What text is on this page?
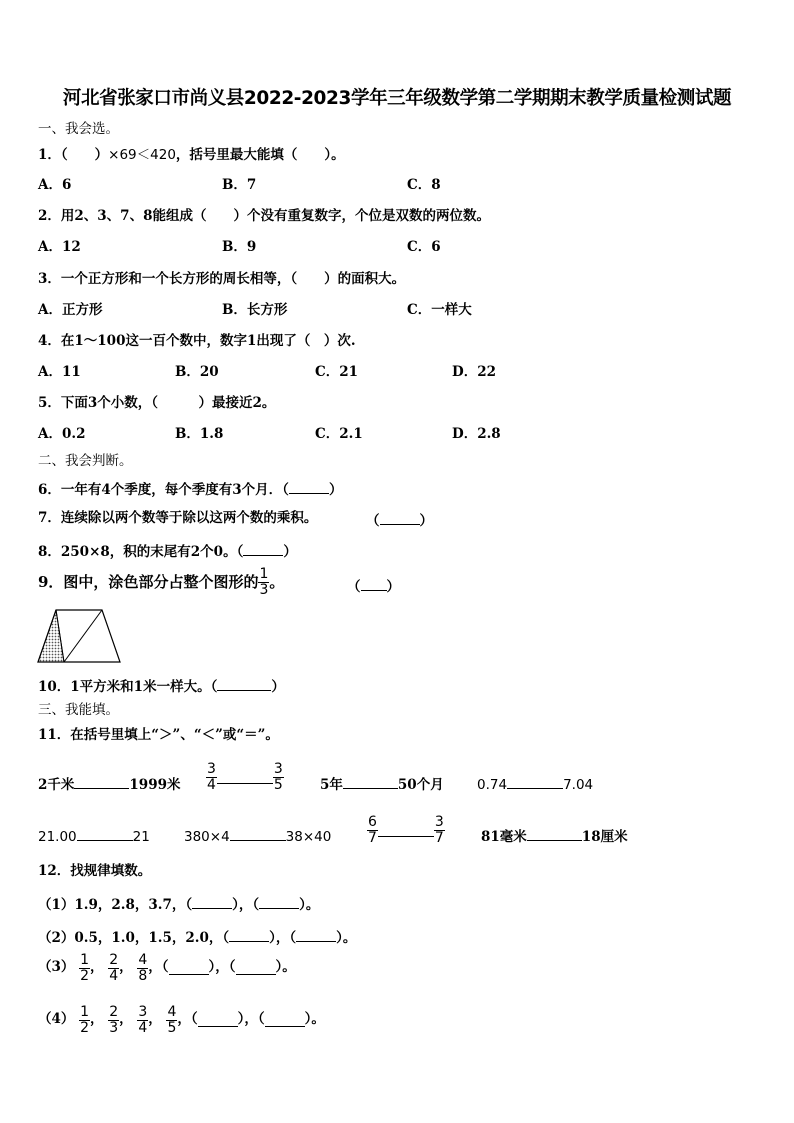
河北省张家口市尚义县2022-2023学年三年级数学第二学期期末教学质量检测试题
一、我会选。
1．（　　）×69＜420，括号里最大能填（　　）。
A．6	B．7	C．8
2．用2、3、7、8能组成（　　）个没有重复数字，个位是双数的两位数。
A．12	B．9	C．6
3．一个正方形和一个长方形的周长相等，（　　）的面积大。
A．正方形	B．长方形	C．一样大
4．在1～100这一百个数中，数字1出现了（　）次.
A．11	B．20	C．21	D．22
5．下面3个小数，（　　　）最接近2。
A．0.2	B．1.8	C．2.1	D．2.8
二、我会判断。
6．一年有4个季度，每个季度有3个月．（	）
7．连续除以两个数等于除以这两个数的乘积。	（	）
8．250×8，积的末尾有2个0。（	）
9．图中，涂色部分占整个图形的 $\frac{1}{3}$ 。	（ ）
10．1平方米和1米一样大。（	）
三、我能填。
11．在括号里填上“＞”、“＜”或“＝”。
2千米	1999米 $\frac{3}{4}$	$\frac{3}{5}$	5年	50个月 0.74	7.04
21.00	21	380×4	38×40	$\frac{6}{7}$	$\frac{3}{7}$	81毫米	18厘米
12．找规律填数。
（1）1.9，2.8，3.7，（	），（	）。
（2）0.5，1.0，1.5，2.0，（	），（	）。
$(3) \frac{1}{2}$ ， $\frac{2}{4}$ ， $\frac{4}{8}$ ，（	），（	）。
$(4) \frac{1}{2}$ ， $\frac{2}{3}$ ， $\frac{3}{4}$ ， $\frac{4}{5}$ ，（	），（	）。
